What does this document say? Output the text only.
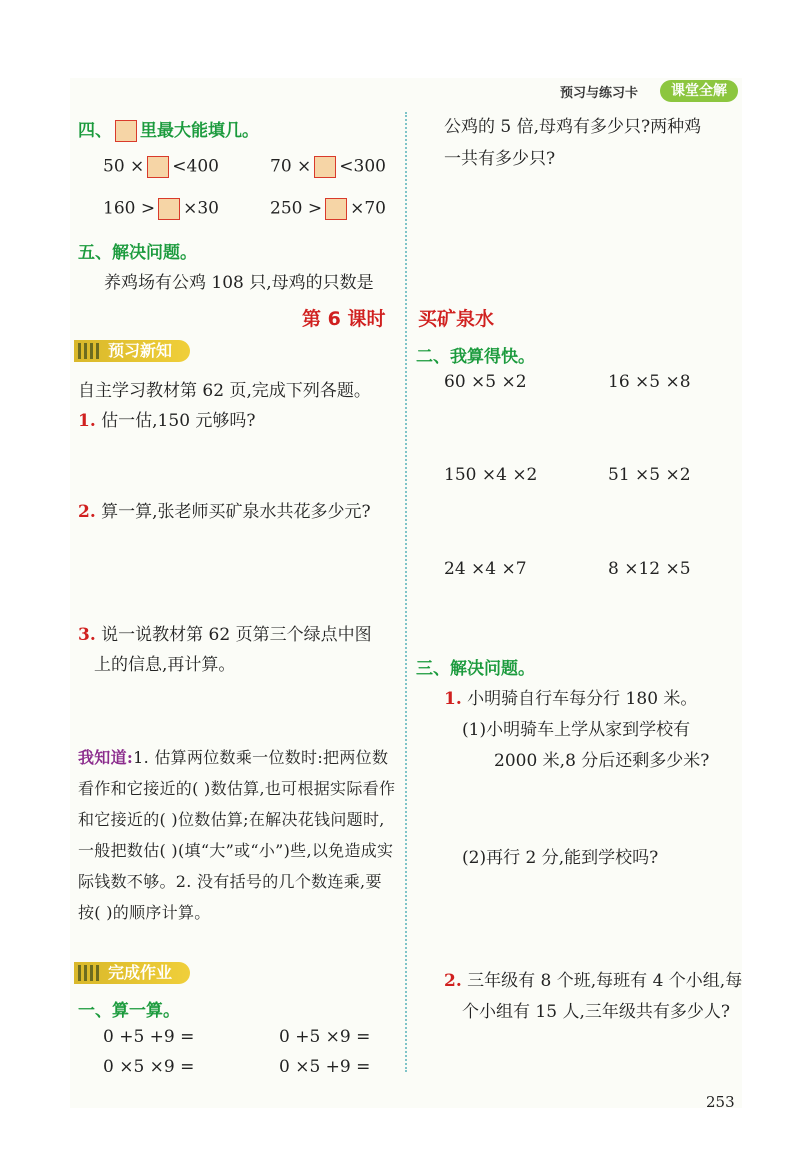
预习与练习卡	课堂全解
四、 里最大能填几。
50 × <400	70 × <300
160 > ×30	250 > ×70
五、解决问题。
养鸡场有公鸡 108 只,母鸡的只数是
预习新知
自主学习教材第 62 页,完成下列各题。
1. 估一估,150 元够吗?
2. 算一算,张老师买矿泉水共花多少元?
3. 说一说教材第 62 页第三个绿点中图
上的信息,再计算。
我知道:1. 估算两位数乘一位数时:把两位数看作和它接近的( )数估算,也可根据实际看作和它接近的( )位数估算;在解决花钱问题时,一般把数估( )(填“大”或“小”)些,以免造成实际钱数不够。2. 没有括号的几个数连乘,要按( )的顺序计算。
完成作业
一、算一算。
0 +5 +9 =	0 +5 ×9 =
0 ×5 ×9 =	0 ×5 +9 =
公鸡的 5 倍,母鸡有多少只?两种鸡
一共有多少只?
第 6 课时 买矿泉水
二、我算得快。
60 ×5 ×2	16 ×5 ×8
150 ×4 ×2	51 ×5 ×2
24 ×4 ×7	8 ×12 ×5
三、解决问题。
1. 小明骑自行车每分行 180 米。
(1)小明骑车上学从家到学校有
2000 米,8 分后还剩多少米?
(2)再行 2 分,能到学校吗?
2. 三年级有 8 个班,每班有 4 个小组,每
个小组有 15 人,三年级共有多少人?
253
